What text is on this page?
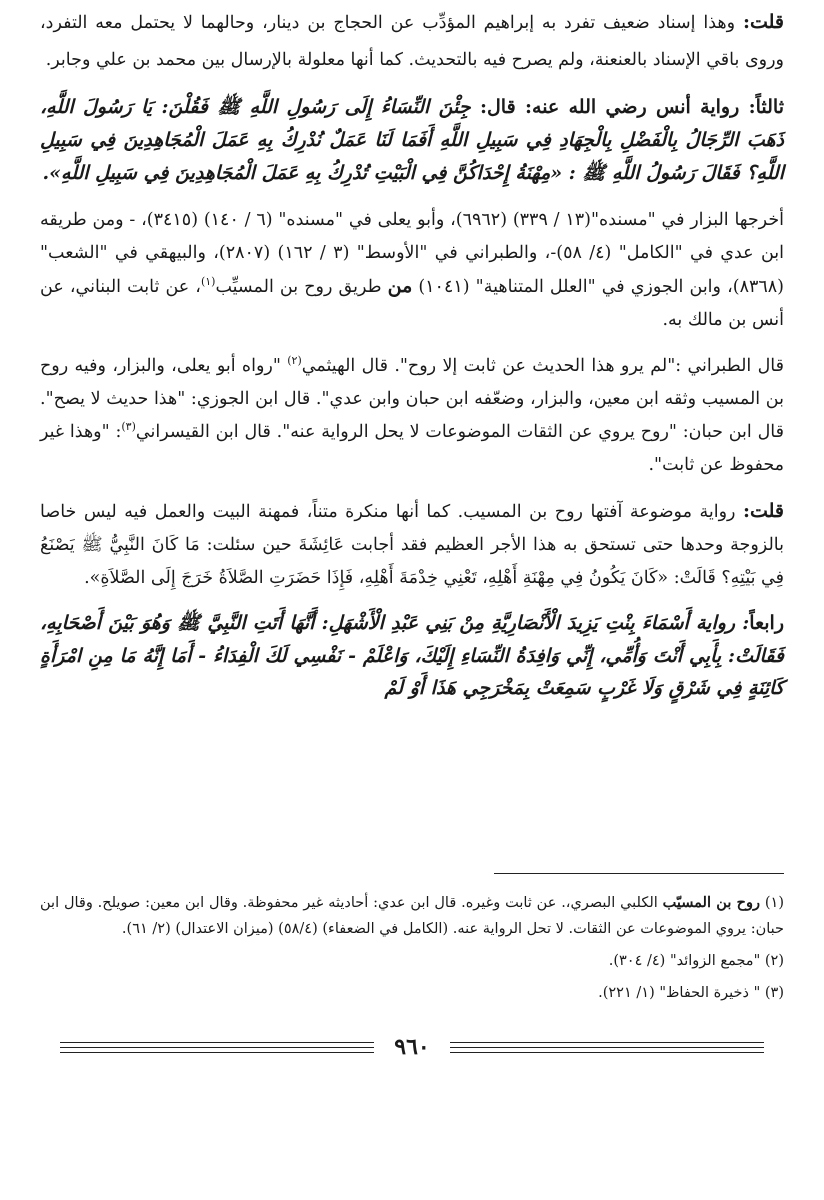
قلت: وهذا إسناد ضعيف تفرد به إبراهيم المؤدِّب عن الحجاج بن دينار، وحالهما لا يحتمل معه التفرد، وروى باقي الإسناد بالعنعنة، ولم يصرح فيه بالتحديث. كما أنها معلولة بالإرسال بين محمد بن علي وجابر.

ثالثاً: رواية أنس رضي الله عنه: قال: جِئْنَ النِّسَاءُ إِلَى رَسُولِ اللَّهِ ﷺ فَقُلْنَ: يَا رَسُولَ اللَّهِ، ذَهَبَ الرِّجَالُ بِالْفَضْلِ بِالْجِهَادِ فِي سَبِيلِ اللَّهِ أَفَمَا لَنَا عَمَلٌ نُدْرِكُ بِهِ عَمَلَ الْمُجَاهِدِينَ فِي سَبِيلِ اللَّهِ؟ فَقَالَ رَسُولُ اللَّهِ ﷺ : «مِهْنَةُ إِحْدَاكُنَّ فِي الْبَيْتِ تُدْرِكُ بِهِ عَمَلَ الْمُجَاهِدِينَ فِي سَبِيلِ اللَّهِ».

أخرجها البزار في "مسنده"(١٣ / ٣٣٩) (٦٩٦٢)، وأبو يعلى في "مسنده" (٦ / ١٤٠) (٣٤١٥)، - ومن طريقه ابن عدي في "الكامل" (٤/ ٥٨)-، والطبراني في "الأوسط" (٣ / ١٦٢) (٢٨٠٧)، والبيهقي في "الشعب" (٨٣٦٨)، وابن الجوزي في "العلل المتناهية" (١٠٤١) من طريق روح بن المسيِّب$^{(١)}$، عن ثابت البناني، عن أنس بن مالك به.

قال الطبراني :"لم يرو هذا الحديث عن ثابت إلا روح". قال الهيثمي$^{(٢)}$ "رواه أبو يعلى، والبزار، وفيه روح بن المسيب وثقه ابن معين، والبزار، وضعّفه ابن حبان وابن عدي". قال ابن الجوزي: "هذا حديث لا يصح". قال ابن حبان: "روح يروي عن الثقات الموضوعات لا يحل الرواية عنه". قال ابن القيسراني$^{(٣)}$: "وهذا غير محفوظ عن ثابت".

قلت: رواية موضوعة آفتها روح بن المسيب. كما أنها منكرة متناً، فمهنة البيت والعمل فيه ليس خاصا بالزوجة وحدها حتى تستحق به هذا الأجر العظيم فقد أجابت عَائِشَةَ حين سئلت: مَا كَانَ النَّبِيُّ ﷺ يَصْنَعُ فِي بَيْتِهِ؟ قَالَتْ: «كَانَ يَكُونُ فِي مِهْنَةِ أَهْلِهِ، تَعْنِي خِدْمَةَ أَهْلِهِ، فَإِذَا حَضَرَتِ الصَّلاَةُ خَرَجَ إِلَى الصَّلاَةِ».

رابعاً: رواية أَسْمَاءَ بِنْتِ يَزِيدَ الْأَنْصَارِيَّةِ مِنْ بَنِي عَبْدِ الْأَشْهَلِ: أَنَّهَا أَتَتِ النَّبِيَّ ﷺ وَهُوَ بَيْنَ أَصْحَابِهِ، فَقَالَتْ: بِأَبِي أَنْتَ وَأُمِّي، إِنِّي وَافِدَةُ النِّسَاءِ إِلَيْكَ، وَاعْلَمْ - نَفْسِي لَكَ الْفِدَاءُ - أَمَا إِنَّهُ مَا مِنِ امْرَأَةٍ كَائِنَةٍ فِي شَرْقٍ وَلَا غَرْبٍ سَمِعَتْ بِمَخْرَجِي هَذَا أَوْ لَمْ

(١) روح بن المسيّب الكلبي البصري،. عن ثابت وغيره. قال ابن عدي: أحاديثه غير محفوظة. وقال ابن معين: صويلح. وقال ابن حبان: يروي الموضوعات عن الثقات. لا تحل الرواية عنه. (الكامل في الضعفاء) (٥٨/٤) (ميزان الاعتدال) (٢/ ٦١).

(٢) "مجمع الزوائد" (٤/ ٣٠٤).

(٣) " ذخيرة الحفاظ" (١/ ٢٢١).

٩٦٠
